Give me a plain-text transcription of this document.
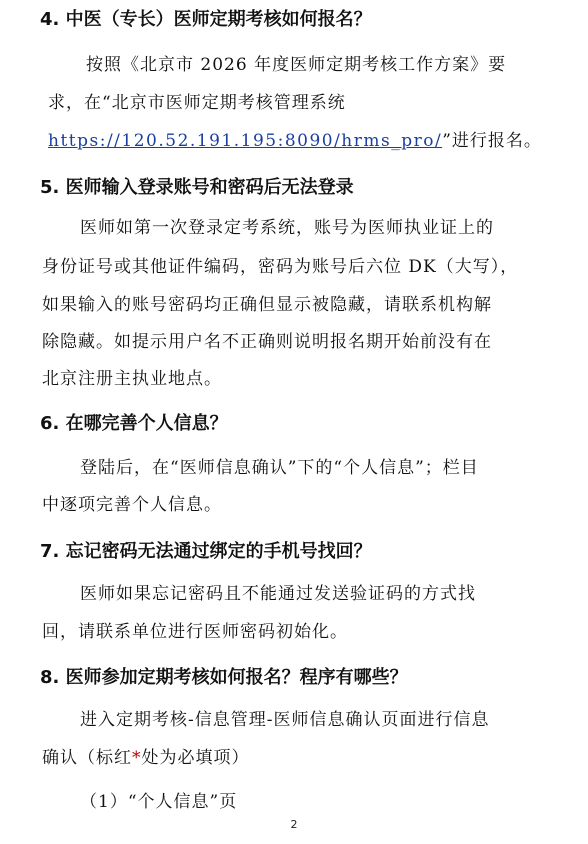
4. 中医（专长）医师定期考核如何报名？
按照《北京市 2026 年度医师定期考核工作方案》要
求，在“北京市医师定期考核管理系统
https://120.52.191.195:8090/hrms_pro/”进行报名。
5. 医师输入登录账号和密码后无法登录
医师如第一次登录定考系统，账号为医师执业证上的
身份证号或其他证件编码，密码为账号后六位 DK（大写），
如果输入的账号密码均正确但显示被隐藏，请联系机构解
除隐藏。如提示用户名不正确则说明报名期开始前没有在
北京注册主执业地点。
6. 在哪完善个人信息？
登陆后，在“医师信息确认”下的“个人信息”；栏目
中逐项完善个人信息。
7. 忘记密码无法通过绑定的手机号找回？
医师如果忘记密码且不能通过发送验证码的方式找
回，请联系单位进行医师密码初始化。
8. 医师参加定期考核如何报名？程序有哪些？
进入定期考核-信息管理-医师信息确认页面进行信息
确认（标红*处为必填项）
（1）“个人信息”页
2
